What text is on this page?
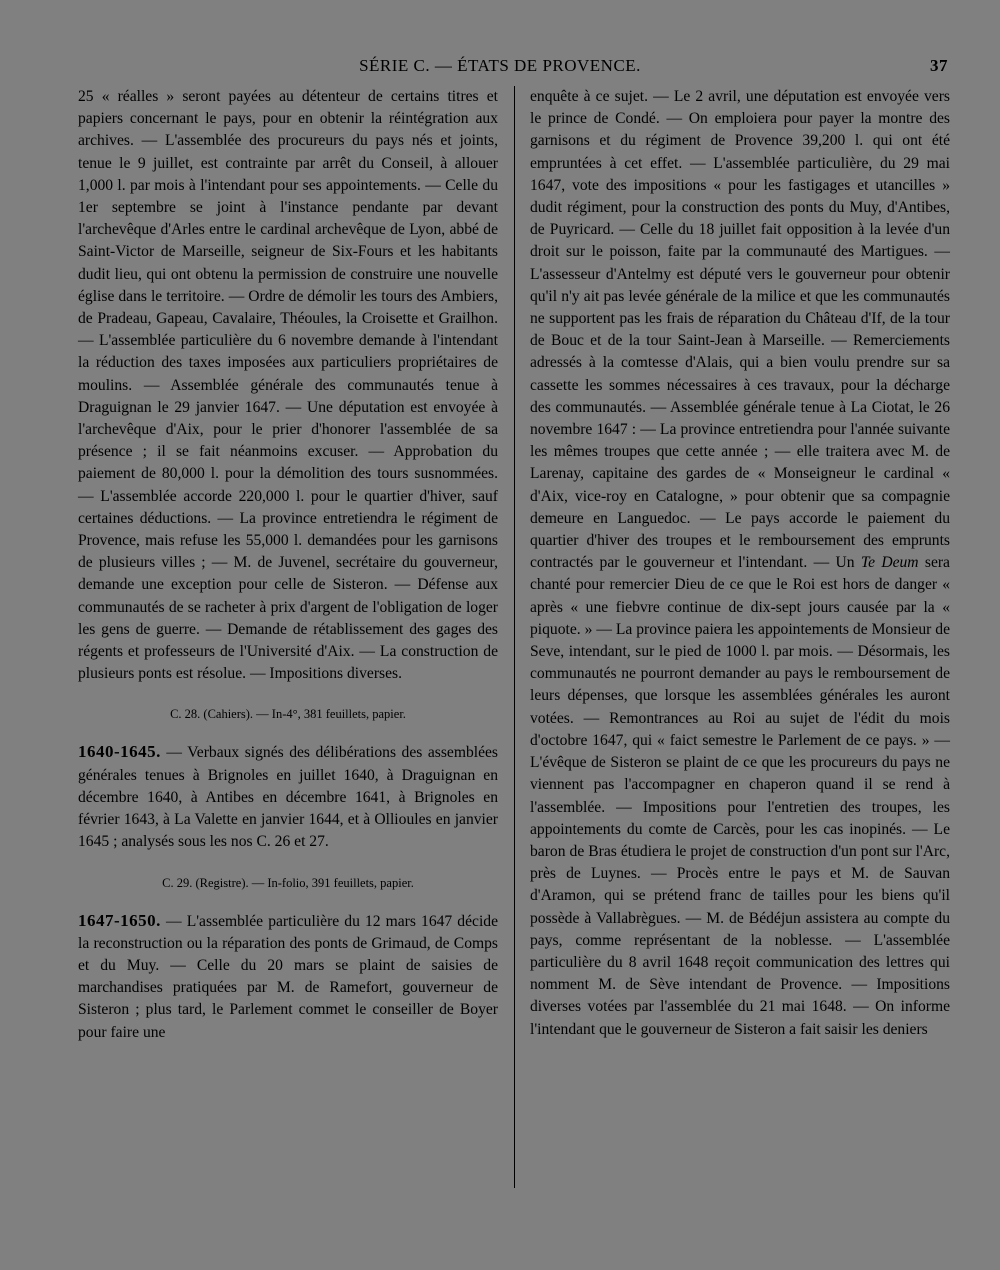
SÉRIE C. — ÉTATS DE PROVENCE.	37

25 « réalles » seront payées au détenteur de certains titres et papiers concernant le pays, pour en obtenir la réintégration aux archives. — L'assemblée des procureurs du pays nés et joints, tenue le 9 juillet, est contrainte par arrêt du Conseil, à allouer 1,000 l. par mois à l'intendant pour ses appointements. — Celle du 1er septembre se joint à l'instance pendante par devant l'archevêque d'Arles entre le cardinal archevêque de Lyon, abbé de Saint-Victor de Marseille, seigneur de Six-Fours et les habitants dudit lieu, qui ont obtenu la permission de construire une nouvelle église dans le territoire. — Ordre de démolir les tours des Ambiers, de Pradeau, Gapeau, Cavalaire, Théoules, la Croisette et Grailhon. — L'assemblée particulière du 6 novembre demande à l'intendant la réduction des taxes imposées aux particuliers propriétaires de moulins. — Assemblée générale des communautés tenue à Draguignan le 29 janvier 1647. — Une députation est envoyée à l'archevêque d'Aix, pour le prier d'honorer l'assemblée de sa présence ; il se fait néanmoins excuser. — Approbation du paiement de 80,000 l. pour la démolition des tours susnommées. — L'assemblée accorde 220,000 l. pour le quartier d'hiver, sauf certaines déductions. — La province entretiendra le régiment de Provence, mais refuse les 55,000 l. demandées pour les garnisons de plusieurs villes ; — M. de Juvenel, secrétaire du gouverneur, demande une exception pour celle de Sisteron. — Défense aux communautés de se racheter à prix d'argent de l'obligation de loger les gens de guerre. — Demande de rétablissement des gages des régents et professeurs de l'Université d'Aix. — La construction de plusieurs ponts est résolue. — Impositions diverses.

C. 28. (Cahiers). — In-4°, 381 feuillets, papier.

1640-1645. — Verbaux signés des délibérations des assemblées générales tenues à Brignoles en juillet 1640, à Draguignan en décembre 1640, à Antibes en décembre 1641, à Brignoles en février 1643, à La Valette en janvier 1644, et à Ollioules en janvier 1645 ; analysés sous les nos C. 26 et 27.

C. 29. (Registre). — In-folio, 391 feuillets, papier.

1647-1650. — L'assemblée particulière du 12 mars 1647 décide la reconstruction ou la réparation des ponts de Grimaud, de Comps et du Muy. — Celle du 20 mars se plaint de saisies de marchandises pratiquées par M. de Ramefort, gouverneur de Sisteron ; plus tard, le Parlement commet le conseiller de Boyer pour faire une

enquête à ce sujet. — Le 2 avril, une députation est envoyée vers le prince de Condé. — On emploiera pour payer la montre des garnisons et du régiment de Provence 39,200 l. qui ont été empruntées à cet effet. — L'assemblée particulière, du 29 mai 1647, vote des impositions « pour les fastigages et utancilles » dudit régiment, pour la construction des ponts du Muy, d'Antibes, de Puyricard. — Celle du 18 juillet fait opposition à la levée d'un droit sur le poisson, faite par la communauté des Martigues. — L'assesseur d'Antelmy est député vers le gouverneur pour obtenir qu'il n'y ait pas levée générale de la milice et que les communautés ne supportent pas les frais de réparation du Château d'If, de la tour de Bouc et de la tour Saint-Jean à Marseille. — Remerciements adressés à la comtesse d'Alais, qui a bien voulu prendre sur sa cassette les sommes nécessaires à ces travaux, pour la décharge des communautés. — Assemblée générale tenue à La Ciotat, le 26 novembre 1647 : — La province entretiendra pour l'année suivante les mêmes troupes que cette année ; — elle traitera avec M. de Larenay, capitaine des gardes de « Monseigneur le cardinal « d'Aix, vice-roy en Catalogne, » pour obtenir que sa compagnie demeure en Languedoc. — Le pays accorde le paiement du quartier d'hiver des troupes et le remboursement des emprunts contractés par le gouverneur et l'intendant. — Un Te Deum sera chanté pour remercier Dieu de ce que le Roi est hors de danger « après « une fiebvre continue de dix-sept jours causée par la « piquote. » — La province paiera les appointements de Monsieur de Seve, intendant, sur le pied de 1000 l. par mois. — Désormais, les communautés ne pourront demander au pays le remboursement de leurs dépenses, que lorsque les assemblées générales les auront votées. — Remontrances au Roi au sujet de l'édit du mois d'octobre 1647, qui « faict semestre le Parlement de ce pays. » — L'évêque de Sisteron se plaint de ce que les procureurs du pays ne viennent pas l'accompagner en chaperon quand il se rend à l'assemblée. — Impositions pour l'entretien des troupes, les appointements du comte de Carcès, pour les cas inopinés. — Le baron de Bras étudiera le projet de construction d'un pont sur l'Arc, près de Luynes. — Procès entre le pays et M. de Sauvan d'Aramon, qui se prétend franc de tailles pour les biens qu'il possède à Vallabrègues. — M. de Bédéjun assistera au compte du pays, comme représentant de la noblesse. — L'assemblée particulière du 8 avril 1648 reçoit communication des lettres qui nomment M. de Sève intendant de Provence. — Impositions diverses votées par l'assemblée du 21 mai 1648. — On informe l'intendant que le gouverneur de Sisteron a fait saisir les deniers
